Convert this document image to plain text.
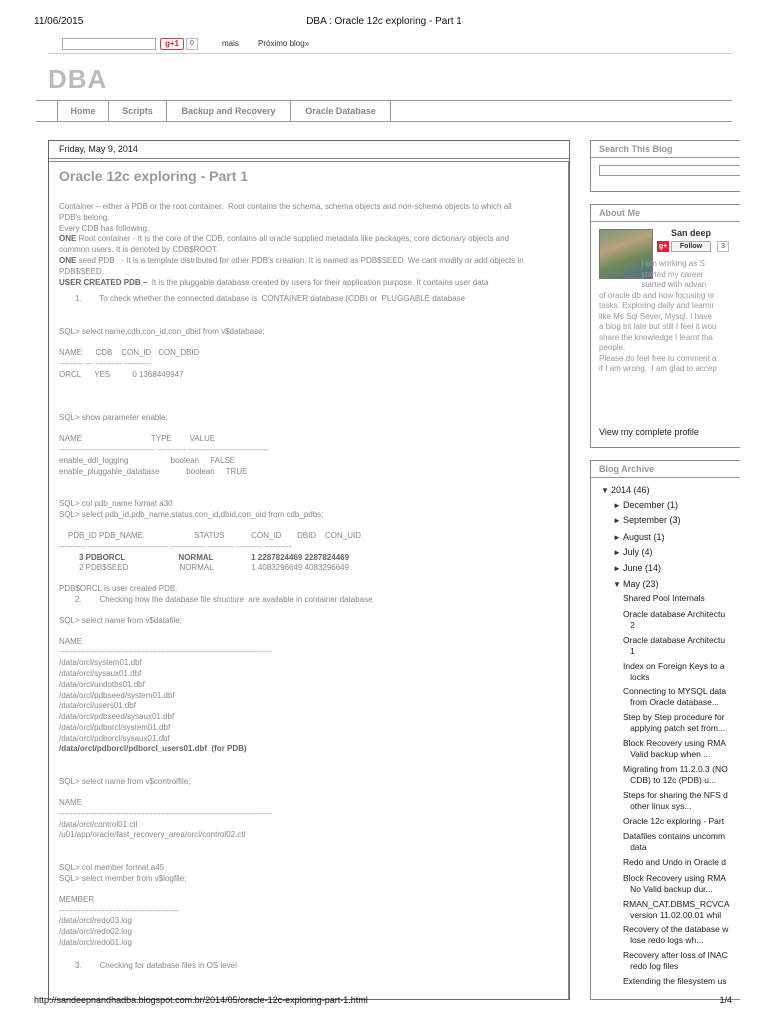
11/06/2015	DBA : Oracle 12c exploring - Part 1
g+1	0	mais Próximo blog»
DBA
Home	Scripts	Backup and Recovery	Oracle Database
Friday, May 9, 2014
Oracle 12c exploring - Part 1

Container – either a PDB or the root container.  Root contains the schema, schema objects and non-schema objects to which all

PDB's belong.

Every CDB has following.

ONE Root container - It is the core of the CDB, contains all oracle supplied metadata like packages, core dictionary objects and

common users. It is denoted by CDB$ROOT.

ONE seed PDB   - It is a template distributed for other PDB's creation. It is named as PDB$SEED. We cant modify or add objects in

PDB$SEED.

USER CREATED PDB –  It is the pluggable database created by users for their application purpose. It contains user data

1.        To check whether the connected database is  CONTAINER database (CDB) or  PLUGGABLE database

SQL> select name,cdb,con_id,con_dbid from v$database;

NAME      CDB    CON_ID   CON_DBID

--------- --- ---------- ----------

ORCL      YES          0 1368449947

SQL> show parameter enable;

NAME                               TYPE        VALUE

------------------------------------ ----------- ------------------------------

enable_ddl_logging                   boolean     FALSE

enable_pluggable_database            boolean     TRUE

SQL> col pdb_name format a30

SQL> select pdb_id,pdb_name,status,con_id,dbid,con_uid from cdb_pdbs;

PDB_ID PDB_NAME                       STATUS            CON_ID       DBID    CON_UID

---------- ------------------------------ ------------- ---------- ---------- ----------

3 PDBORCL                        NORMAL                 1 2287824469 2287824469

2 PDB$SEED                       NORMAL                 1 4083296649 4083296649

PDB$ORCL is user created PDB.

2.        Checking how the database file structure  are available in container database

SQL> select name from v$datafile;

NAME

--------------------------------------------------------------------------------

/data/orcl/system01.dbf

/data/orcl/sysaux01.dbf

/data/orcl/undotbs01.dbf

/data/orcl/pdbseed/system01.dbf

/data/orcl/users01.dbf

/data/orcl/pdbseed/sysaux01.dbf

/data/orcl/pdborcl/system01.dbf

/data/orcl/pdborcl/sysaux01.dbf

/data/orcl/pdborcl/pdborcl_users01.dbf  (for PDB)

SQL> select name from v$controlfile;

NAME

--------------------------------------------------------------------------------

/data/orcl/control01.ctl

/u01/app/oracle/fast_recovery_area/orcl/control02.ctl

SQL> col member format a45

SQL> select member from v$logfile;

MEMBER

---------------------------------------------

/data/orcl/redo03.log

/data/orcl/redo02.log

/data/orcl/redo01.log

3.        Checking for database files in OS level

Search This Blog
About Me
San deep
g+	Follow	3

I am working as S

started my career

started with advan

of oracle db and now focusing or

tasks. Exploring daily and learnir

like Ms Sql Sever, Mysql. I have

a blog bit late but still I feel it wou

share the knowledge I learnt tha

people.

Please do feel free to comment a

if I am wrong.  I am glad to accep

View my complete profile
Blog Archive
▼ 2014 (46)
► December (1)
► September (3)
► August (1)
► July (4)
► June (14)
▼ May (23)
Shared Pool Internals
Oracle database Architectu
2
Oracle database Architectu
1
Index on Foreign Keys to a
locks
Connecting to MYSQL data
from Oracle database...
Step by Step procedure for
applying patch set from...
Block Recovery using RMA
Valid backup when ...
Migrating from 11.2.0.3 (NO
CDB) to 12c (PDB) u...
Steps for sharing the NFS d
other linux sys...
Oracle 12c exploring - Part
Datafiles contains uncomm
data
Redo and Undo in Oracle d
Block Recovery using RMA
No Valid backup dur...
RMAN_CAT.DBMS_RCVCA
version 11.02.00.01 whil
Recovery of the database w
lose redo logs wh...
Recovery after loss of INAC
redo log files
Extending the filesystem us
http://sandeepnandhadba.blogspot.com.br/2014/05/oracle-12c-exploring-part-1.html	1/4
